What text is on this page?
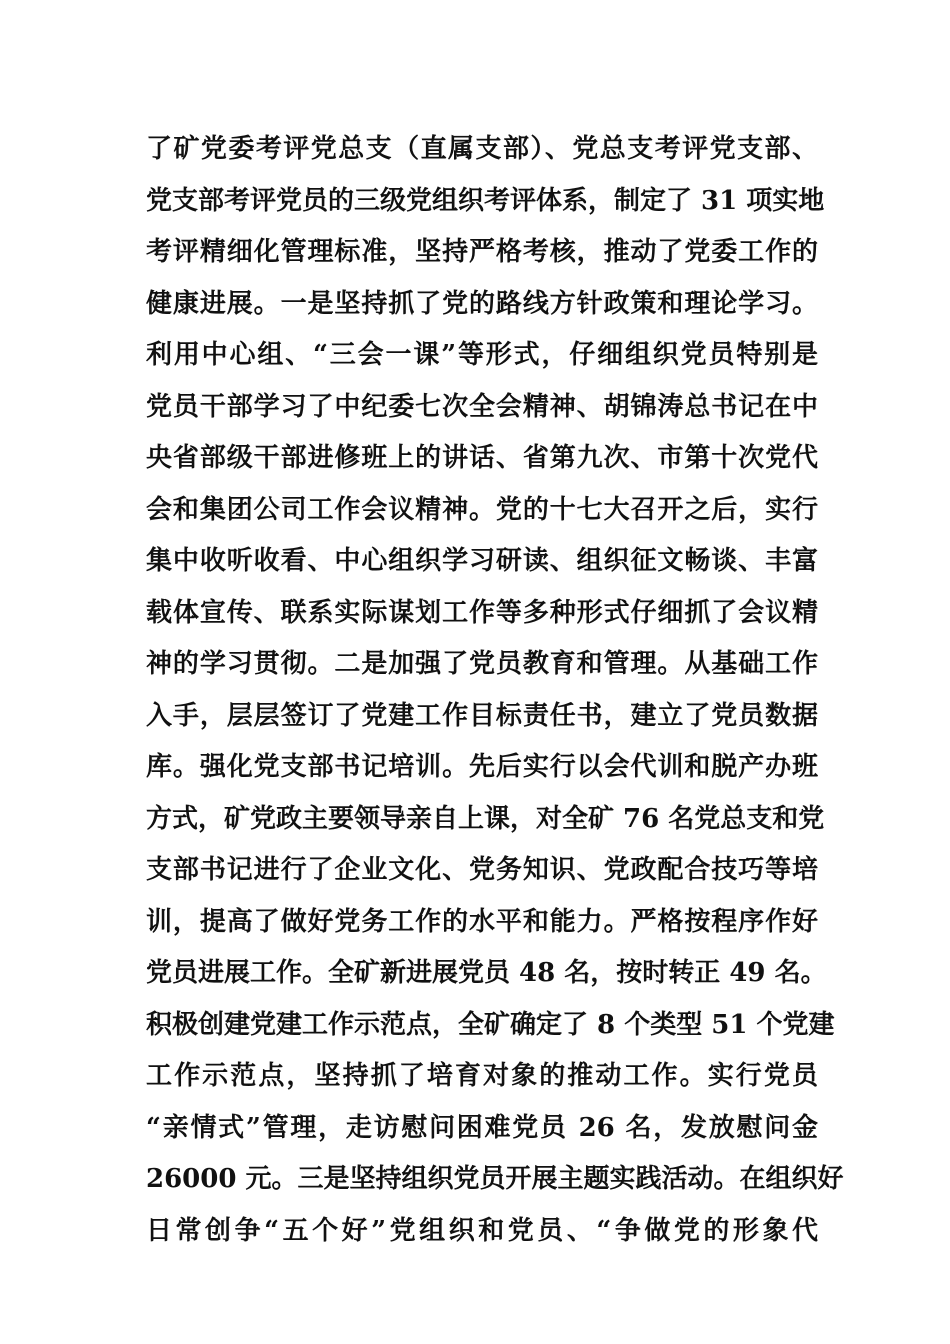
了矿党委考评党总支（直属支部）、党总支考评党支部、
党支部考评党员的三级党组织考评体系，制定了 31 项实地
考评精细化管理标准，坚持严格考核，推动了党委工作的
健康进展。一是坚持抓了党的路线方针政策和理论学习。
利用中心组、“三会一课”等形式，仔细组织党员特别是
党员干部学习了中纪委七次全会精神、胡锦涛总书记在中
央省部级干部进修班上的讲话、省第九次、市第十次党代
会和集团公司工作会议精神。党的十七大召开之后，实行
集中收听收看、中心组织学习研读、组织征文畅谈、丰富
载体宣传、联系实际谋划工作等多种形式仔细抓了会议精
神的学习贯彻。二是加强了党员教育和管理。从基础工作
入手，层层签订了党建工作目标责任书，建立了党员数据
库。强化党支部书记培训。先后实行以会代训和脱产办班
方式，矿党政主要领导亲自上课，对全矿 76 名党总支和党
支部书记进行了企业文化、党务知识、党政配合技巧等培
训，提高了做好党务工作的水平和能力。严格按程序作好
党员进展工作。全矿新进展党员 48 名，按时转正 49 名。
积极创建党建工作示范点，全矿确定了 8 个类型 51 个党建
工作示范点，坚持抓了培育对象的推动工作。实行党员
“亲情式”管理，走访慰问困难党员 26 名，发放慰问金
26000 元。三是坚持组织党员开展主题实践活动。在组织好
日常创争“五个好”党组织和党员、“争做党的形象代
